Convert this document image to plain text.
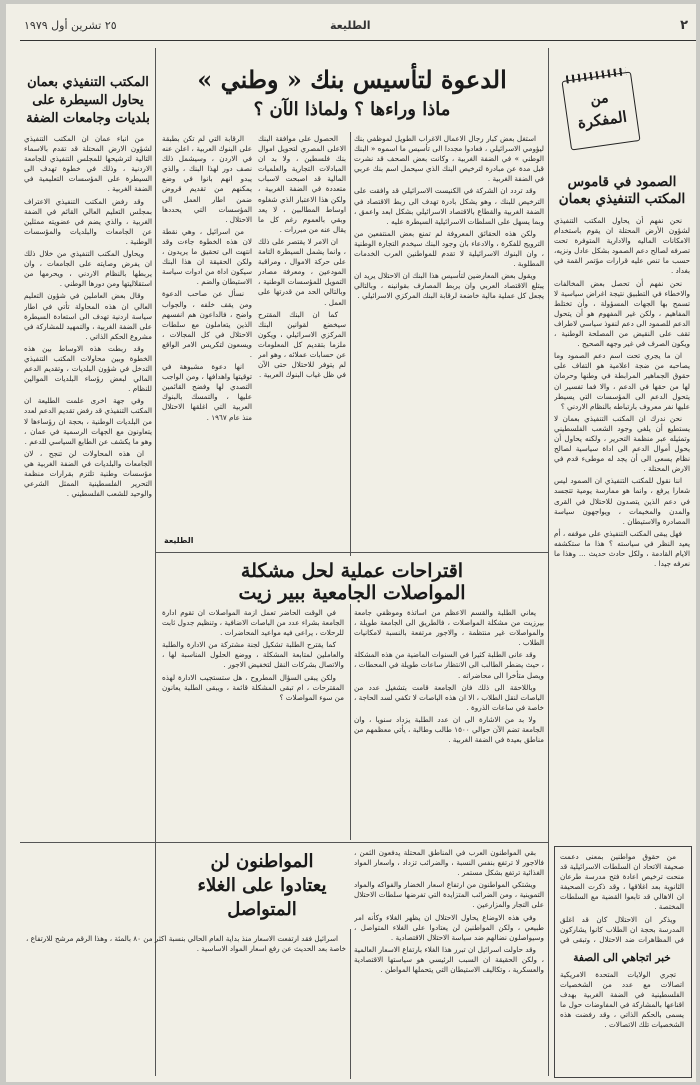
٢
الطليعة
٢٥ تشرين أول ١٩٧٩
من
المفكرة
الصمود في قاموس
المكتب التنفيذي بعمان

نحن نفهم أن يحاول المكتب التنفيذي لشؤون الأرض المحتلة ان يقوم باستخدام الامكانات الماليه والادارية المتوفرة تحت تصرفه لصالح دعم الصمود بشكل عادل ونزيه، حسب ما تنص عليه قرارات مؤتمر القمة في بغداد .

نحن نفهم أن تحصل بعض المخالفات والاخطاء في التطبيق نتيجة اغراض سياسية لا تسمح بها الجهات المسؤولة ، وأن تختلط المفاهيم ، ولكن غير المفهوم هو أن يتحول الدعم للصمود الى دعم لنفوذ سياسي لاطراف تقف على النقيض من المصلحة الوطنية ، ويكون الصرف في غير وجهه الصحيح .

ان ما يجري تحت اسم دعم الصمود وما يصاحبه من ضجة اعلامية هو التفاف على حقوق الجماهير المرابطة في وطنها وحرمان لها من حقها في الدعم ، والا فما تفسير ان يتحول الدعم الى المؤسسات التي يسيطر عليها نفر معروف بارتباطه بالنظام الاردني ؟

نحن ندرك ان المكتب التنفيذي بعمان لا يستطيع أن يلغي وجود الشعب الفلسطيني وتمثيله عبر منظمة التحرير ، ولكنه يحاول أن يحول أموال الدعم الى اداة سياسية لصالح نظام يسعى الى أن يجد له موطىء قدم في الارض المحتلة .

اننا نقول للمكتب التنفيذي ان الصمود ليس شعارا يرفع ، وانما هو ممارسة يومية تتجسد في دعم الذين يتصدون للاحتلال في القرى والمدن والمخيمات ، ويواجهون سياسة المصادرة والاستيطان .

فهل يبقى المكتب التنفيذي على موقفه ، أم يعيد النظر في سياسته ؟ هذا ما ستكشفه الايام القادمة ، ولكل حادث حديث ... وهذا ما نعرفه جيدا .

من حقوق مواطنين بمعنى دعمت صحيفة الاتحاد ان السلطات الاسرائيلية قد منحت ترخيص اعادة فتح مدرسة طرعان الثانوية بعد اغلاقها ، وقد ذكرت الصحيفة ان الاهالي قد تابعوا القضية مع السلطات المختصة .

ويذكر ان الاحتلال كان قد اغلق المدرسة بحجة ان الطلاب كانوا يشاركون في المظاهرات ضد الاحتلال ، وتبقى في

خبر اتجاهي الى الصفة

تجري الولايات المتحدة الامريكية اتصالات مع عدد من الشخصيات الفلسطينية في الضفة الغربية بهدف اقناعها بالمشاركة في المفاوضات حول ما يسمى بالحكم الذاتي ، وقد رفضت هذه الشخصيات تلك الاتصالات .

الدعوة لتأسيس بنك « وطني »
ماذا وراءها ؟ ولماذا الآن ؟

استغل بعض كبار رجال الاعمال الاغراب الطويل لموظفي بنك ليؤومي الاسرائيلي ، فعادوا مجددا الى تأسيس ما اسموه « البنك الوطني » في الضفة الغربية ، وكانت بعض الصحف قد نشرت قبل مدة عن مبادرة لترخيص البنك الذي سيحمل اسم بنك عربي في الضفة الغربية .

وقد تردد ان الشركة في الكنيست الاسرائيلي قد وافقت على الترخيص للبنك ، وهو يشكل بادرة تهدف الى ربط الاقتصاد في الضفة الغربية والقطاع بالاقتصاد الاسرائيلي بشكل ابعد واعمق ، وبما يسهل على السلطات الاسرائيلية السيطرة عليه .

ولكن هذه الحقائق المعروفة لم تمنع بعض المنتفعين من الترويج للفكرة ، والادعاء بان وجود البنك سيخدم التجارة الوطنية ، وان البنوك الاسرائيلية لا تقدم للمواطنين العرب الخدمات المطلوبة .

ويقول بعض المعارضين لتأسيس هذا البنك ان الاحتلال يريد ان يبتلع الاقتصاد العربي وان يربط المصارف بقوانينه ، وبالتالي يجعل كل عملية مالية خاضعة لرقابة البنك المركزي الاسرائيلي .

الحصول على موافقة البنك الاعلى المصري لتحويل اموال بنك فلسطين ، ولا بد ان المبادلات التجارية والعلميات المالية قد اصبحت لاسباب متعددة في الضفة الغربية ، ولكن هذا الاعتبار الذي شغلوه اوساط المطالبين ، لا يعد وبقي بالعموم رغم كل ما يقال عنه من مبررات .

ان الامر لا يقتصر على ذلك ، وانما يشمل السيطرة التامة على حركة الاموال ، ومراقبة المودعين ، ومعرفة مصادر التمويل للمؤسسات الوطنية ، وبالتالي الحد من قدرتها على العمل .

كما ان البنك المقترح سيخضع لقوانين البنك المركزي الاسرائيلي ، ويكون ملزما بتقديم كل المعلومات عن حسابات عملائه ، وهو امر لم يتوفر للاحتلال حتى الآن في ظل غياب البنوك العربية .

الرقابة التي لم تكن بطبقة على البنوك العربية ، اعلن عنه في الاردن ، وسيشمل ذلك نصف دور لهذا البنك ، والذي يبدو انهم بانوا في وضع يمكنهم من تقديم قروض ضمن اطار العمل الى المؤسسات التي يحددها الاحتلال .

من اسرائيل ، وهي نقطة لان هذه الخطوة جاءت وقد انتهت الى تحقيق ما يريدون ، ولكن الحقيقة ان هذا البنك سيكون اداة من ادوات سياسة الاستيطان والضم .

نسأل عن صاحب الدعوة ومن يقف خلفه ، والجواب واضح ، فالداعون هم انفسهم الذين يتعاملون مع سلطات الاحتلال في كل المجالات ، ويسعون لتكريس الامر الواقع .

انها دعوة مشبوهة في توقيتها واهدافها ، ومن الواجب التصدي لها وفضح القائمين عليها ، والتمسك بالبنوك العربية التي اغلقها الاحتلال منذ عام ١٩٦٧ .

الطليعة
اقتراحات عملية لحل مشكلة
المواصلات الجامعية ببير زيت

يعاني الطلبة والقسم الاعظم من اساتذة وموظفي جامعة بيرزيت من مشكلة المواصلات ، فالطريق الى الجامعة طويلة ، والمواصلات غير منتظمة ، والاجور مرتفعة بالنسبة لامكانيات الطلاب .

وقد عانى الطلبة كثيرا في السنوات الماضية من هذه المشكلة ، حيث يضطر الطالب الى الانتظار ساعات طويلة في المحطات ، ويصل متأخرا الى محاضراته .

وباللاحقة الى ذلك فان الجامعة قامت بتشغيل عدد من الباصات لنقل الطلاب ، الا ان هذه الباصات لا تكفي لسد الحاجة ، خاصة في ساعات الذروة .

ولا بد من الاشارة الى ان عدد الطلبة يزداد سنويا ، وان الجامعة تضم الآن حوالي ١٥٠٠ طالب وطالبة ، يأتي معظمهم من مناطق بعيدة في الضفة الغربية .

في الوقت الحاضر تعمل ازمة المواصلات ان تقوم ادارة الجامعة بشراء عدد من الباصات الاضافية ، وتنظيم جدول ثابت للرحلات ، يراعى فيه مواعيد المحاضرات .

كما يقترح الطلبة تشكيل لجنة مشتركة من الادارة والطلبة والعاملين لمتابعة المشكلة ، ووضع الحلول المناسبة لها ، والاتصال بشركات النقل لتخفيض الاجور .

ولكن يبقى السؤال المطروح ، هل ستستجيب الادارة لهذه المقترحات ، ام تبقى المشكلة قائمة ، ويبقى الطلبة يعانون من سوء المواصلات ؟

المواطنون لن
يعتادوا على الغلاء
المتواصل

بقي المواطنون العرب في المناطق المحتلة يدفعون الثمن ، فالاجور لا ترتفع بنفس النسبة ، والضرائب تزداد ، واسعار المواد الغذائية ترتفع بشكل مستمر .

ويشتكي المواطنون من ارتفاع اسعار الخضار والفواكه والمواد التموينية ، ومن الضرائب المتزايدة التي تفرضها سلطات الاحتلال على التجار والمزارعين .

وفي هذه الاوضاع يحاول الاحتلال ان يظهر الغلاء وكأنه امر طبيعي ، ولكن المواطنين لن يعتادوا على الغلاء المتواصل ، وسيواصلون نضالهم ضد سياسة الاحتلال الاقتصادية .

وقد حاولت اسرائيل ان تبرر هذا الغلاء بارتفاع الاسعار العالمية ، ولكن الحقيقة ان السبب الرئيسي هو سياستها الاقتصادية والعسكرية ، وتكاليف الاستيطان التي يتحملها المواطن .

اسرائيل فقد ارتفعت الاسعار منذ بداية العام الحالي بنسبة اكثر من ٨٠ بالمئة ، وهذا الرقم مرشح للارتفاع ، خاصة بعد الحديث عن رفع اسعار المواد الاساسية .

المكتب التنفيذي بعمان
يحاول السيطرة على
بلديات وجامعات الضفة

من انباء عمان ان المكتب التنفيذي لشؤون الارض المحتلة قد تقدم بالاسماء التالية لترشيحها للمجلس التنفيذي للجامعة الاردنية ، وذلك في خطوة تهدف الى السيطرة على المؤسسات التعليمية في الضفة الغربية .

وقد رفض المكتب التنفيذي الاعتراف بمجلس التعليم العالي القائم في الضفة الغربية ، والذي يضم في عضويته ممثلين عن الجامعات والبلديات والمؤسسات الوطنية .

ويحاول المكتب التنفيذي من خلال ذلك ان يفرض وصايته على الجامعات ، وان يربطها بالنظام الاردني ، ويحرمها من استقلاليتها ومن دورها الوطني .

وقال بعض العاملين في شؤون التعليم العالي ان هذه المحاولة تأتي في اطار سياسة اردنية تهدف الى استعادة السيطرة على الضفة الغربية ، والتمهيد للمشاركة في مشروع الحكم الذاتي .

وقد ربطت هذه الاوساط بين هذه الخطوة وبين محاولات المكتب التنفيذي التدخل في شؤون البلديات ، وتقديم الدعم المالي لبعض رؤساء البلديات الموالين للنظام .

وفي جهة اخرى علمت الطليعة ان المكتب التنفيذي قد رفض تقديم الدعم لعدد من البلديات الوطنية ، بحجة ان رؤساءها لا يتعاونون مع الجهات الرسمية في عمان ، وهو ما يكشف عن الطابع السياسي للدعم .

ان هذه المحاولات لن تنجح ، لان الجامعات والبلديات في الضفة الغربية هي مؤسسات وطنية تلتزم بقرارات منظمة التحرير الفلسطينية الممثل الشرعي والوحيد للشعب الفلسطيني .
